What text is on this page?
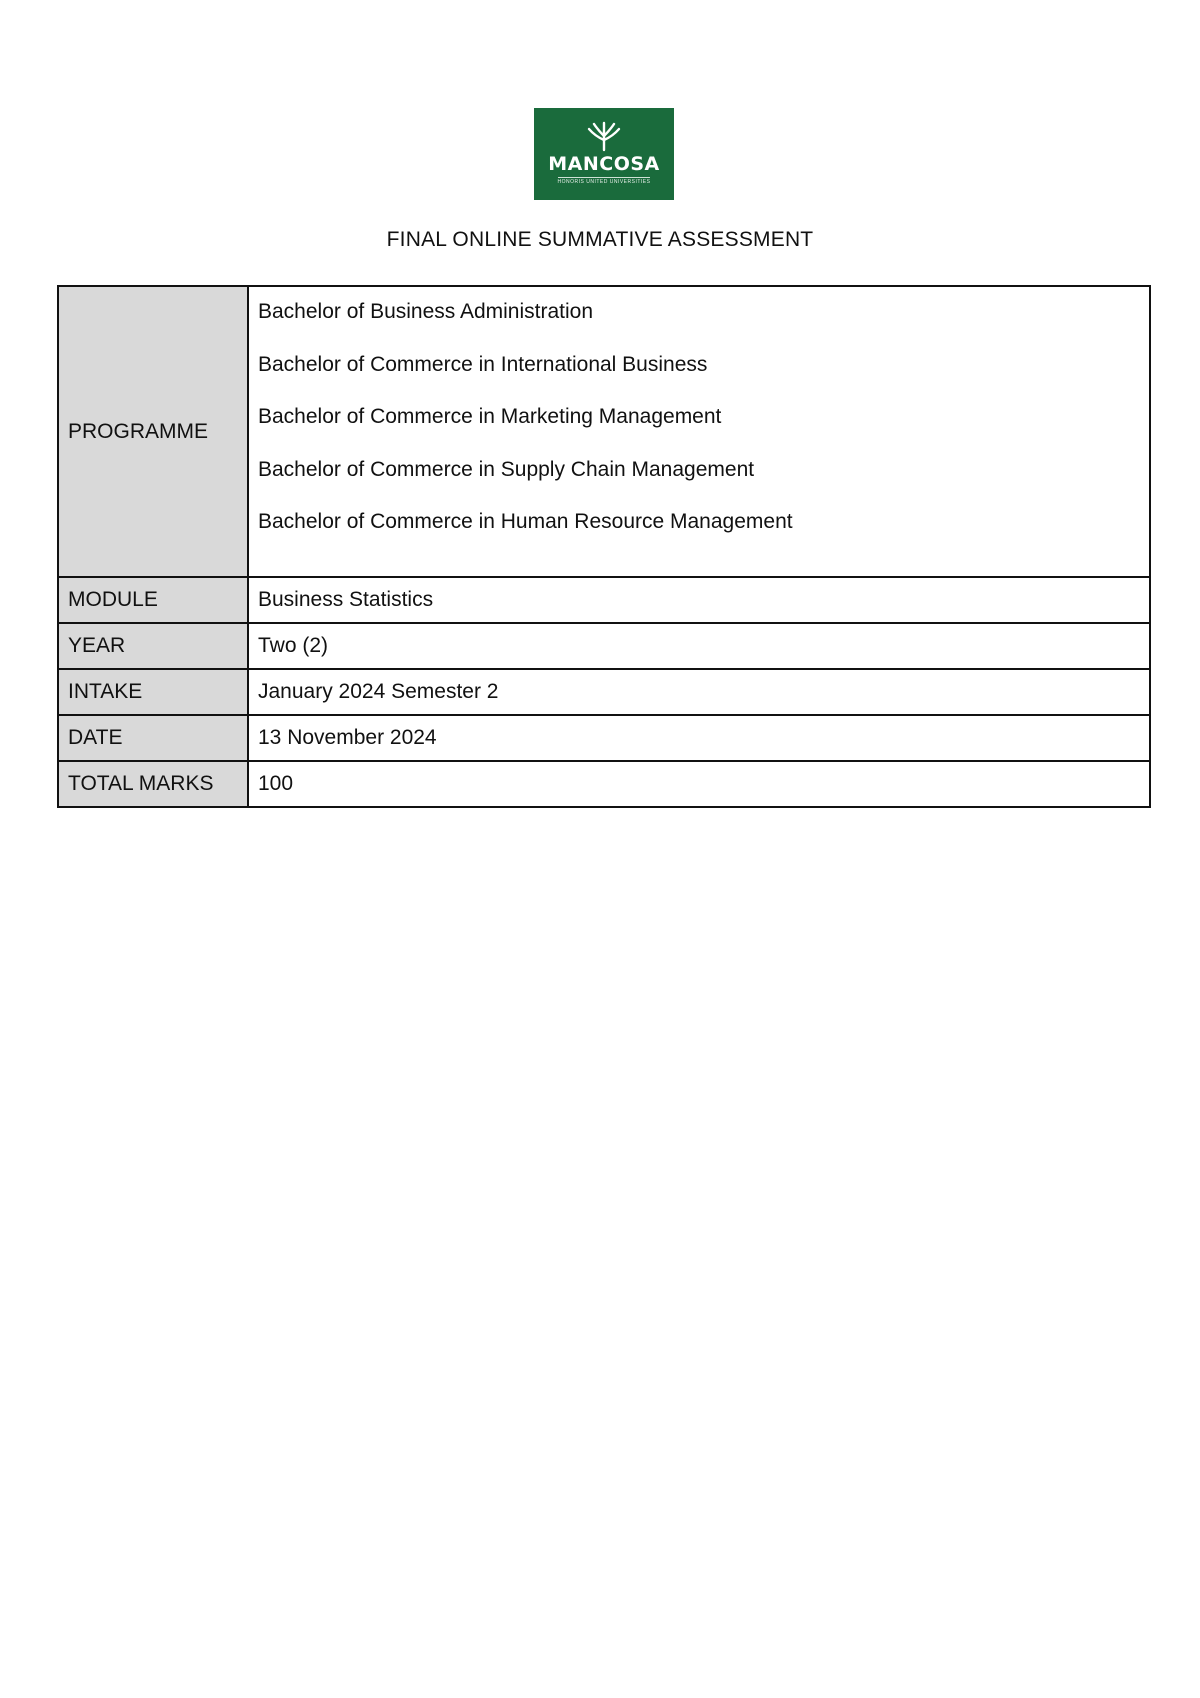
MANCOSA
HONORIS UNITED UNIVERSITIES
FINAL ONLINE SUMMATIVE ASSESSMENT
PROGRAMME	Bachelor of Business Administration
Bachelor of Commerce in International Business
Bachelor of Commerce in Marketing Management
Bachelor of Commerce in Supply Chain Management
Bachelor of Commerce in Human Resource Management

MODULE	Business Statistics
YEAR	Two (2)
INTAKE	January 2024 Semester 2
DATE	13 November 2024
TOTAL MARKS	100
